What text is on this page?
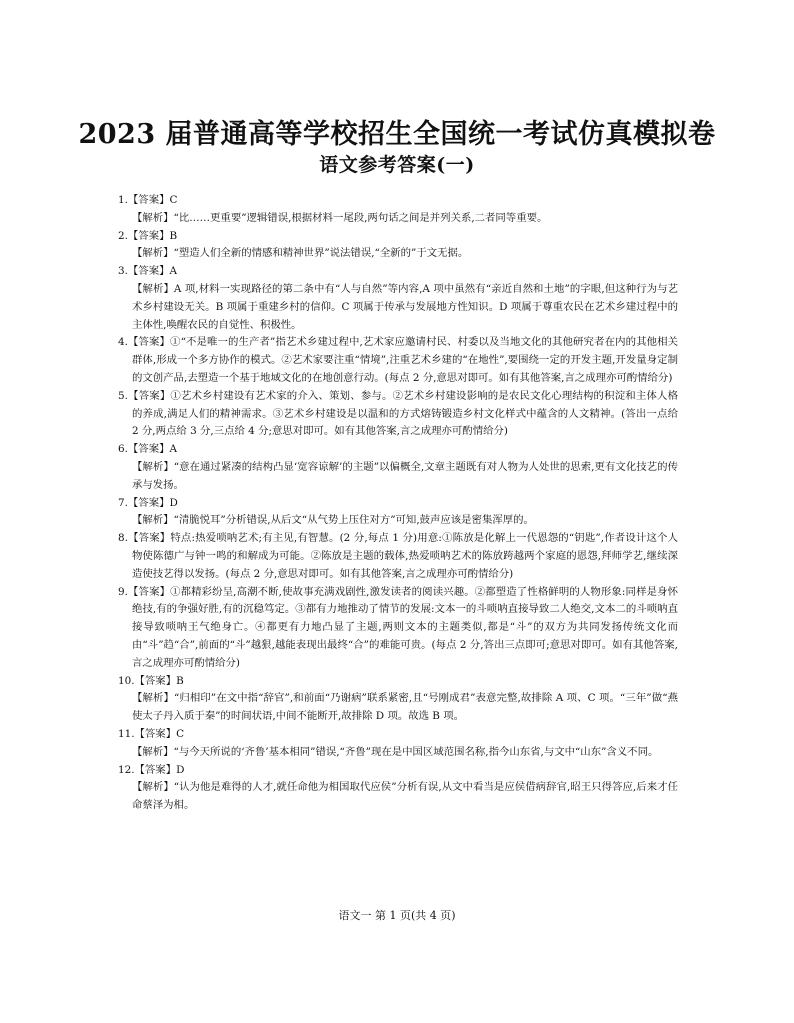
2023 届普通高等学校招生全国统一考试仿真模拟卷
语文参考答案(一)
1.【答案】C
【解析】“比……更重要”逻辑错误,根据材料一尾段,两句话之间是并列关系,二者同等重要。
2.【答案】B
【解析】“塑造人们全新的情感和精神世界”说法错误,“全新的”于文无据。
3.【答案】A
【解析】A 项,材料一实现路径的第二条中有“人与自然”等内容,A 项中虽然有“亲近自然和土地”的字眼,但这种行为与艺术乡村建设无关。B 项属于重建乡村的信仰。C 项属于传承与发展地方性知识。D 项属于尊重农民在艺术乡建过程中的主体性,唤醒农民的自觉性、积极性。
4.【答案】①“不是唯一的生产者”指艺术乡建过程中,艺术家应邀请村民、村委以及当地文化的其他研究者在内的其他相关群体,形成一个多方协作的模式。②艺术家要注重“情境”,注重艺术乡建的“在地性”,要围绕一定的开发主题,开发量身定制的文创产品,去塑造一个基于地域文化的在地创意行动。(每点 2 分,意思对即可。如有其他答案,言之成理亦可酌情给分)
5.【答案】①艺术乡村建设有艺术家的介入、策划、参与。②艺术乡村建设影响的是农民文化心理结构的积淀和主体人格的养成,满足人们的精神需求。③艺术乡村建设是以温和的方式熔铸锻造乡村文化样式中蕴含的人文精神。(答出一点给 2 分,两点给 3 分,三点给 4 分;意思对即可。如有其他答案,言之成理亦可酌情给分)
6.【答案】A
【解析】“意在通过紧凑的结构凸显‘宽容谅解’的主题”以偏概全,文章主题既有对人物为人处世的思索,更有文化技艺的传承与发扬。
7.【答案】D
【解析】“清脆悦耳”分析错误,从后文“从气势上压住对方”可知,鼓声应该是密集浑厚的。
8.【答案】特点:热爱唢呐艺术;有主见,有智慧。(2 分,每点 1 分)用意:①陈放是化解上一代恩怨的“钥匙”,作者设计这个人物使陈德广与钟一鸣的和解成为可能。②陈放是主题的载体,热爱唢呐艺术的陈放跨越两个家庭的恩怨,拜师学艺,继续深造使技艺得以发扬。(每点 2 分,意思对即可。如有其他答案,言之成理亦可酌情给分)
9.【答案】①都精彩纷呈,高潮不断,使故事充满戏剧性,激发读者的阅读兴趣。②都塑造了性格鲜明的人物形象:同样是身怀绝技,有的争强好胜,有的沉稳笃定。③都有力地推动了情节的发展:文本一的斗唢呐直接导致二人绝交,文本二的斗唢呐直接导致唢呐王气绝身亡。④都更有力地凸显了主题,两则文本的主题类似,都是“斗”的双方为共同发扬传统文化而由“斗”趋“合”,前面的“斗”越狠,越能表现出最终“合”的难能可贵。(每点 2 分,答出三点即可;意思对即可。如有其他答案,言之成理亦可酌情给分)
10.【答案】B
【解析】“归相印”在文中指“辞官”,和前面“乃谢病”联系紧密,且“号刚成君”表意完整,故排除 A 项、C 项。“三年”做“燕使太子丹入质于秦”的时间状语,中间不能断开,故排除 D 项。故选 B 项。
11.【答案】C
【解析】“与今天所说的‘齐鲁’基本相同”错误,“齐鲁”现在是中国区域范围名称,指今山东省,与文中“山东”含义不同。
12.【答案】D
【解析】“认为他是难得的人才,就任命他为相国取代应侯”分析有误,从文中看当是应侯借病辞官,昭王只得答应,后来才任命蔡泽为相。
语文一 第 1 页(共 4 页)
